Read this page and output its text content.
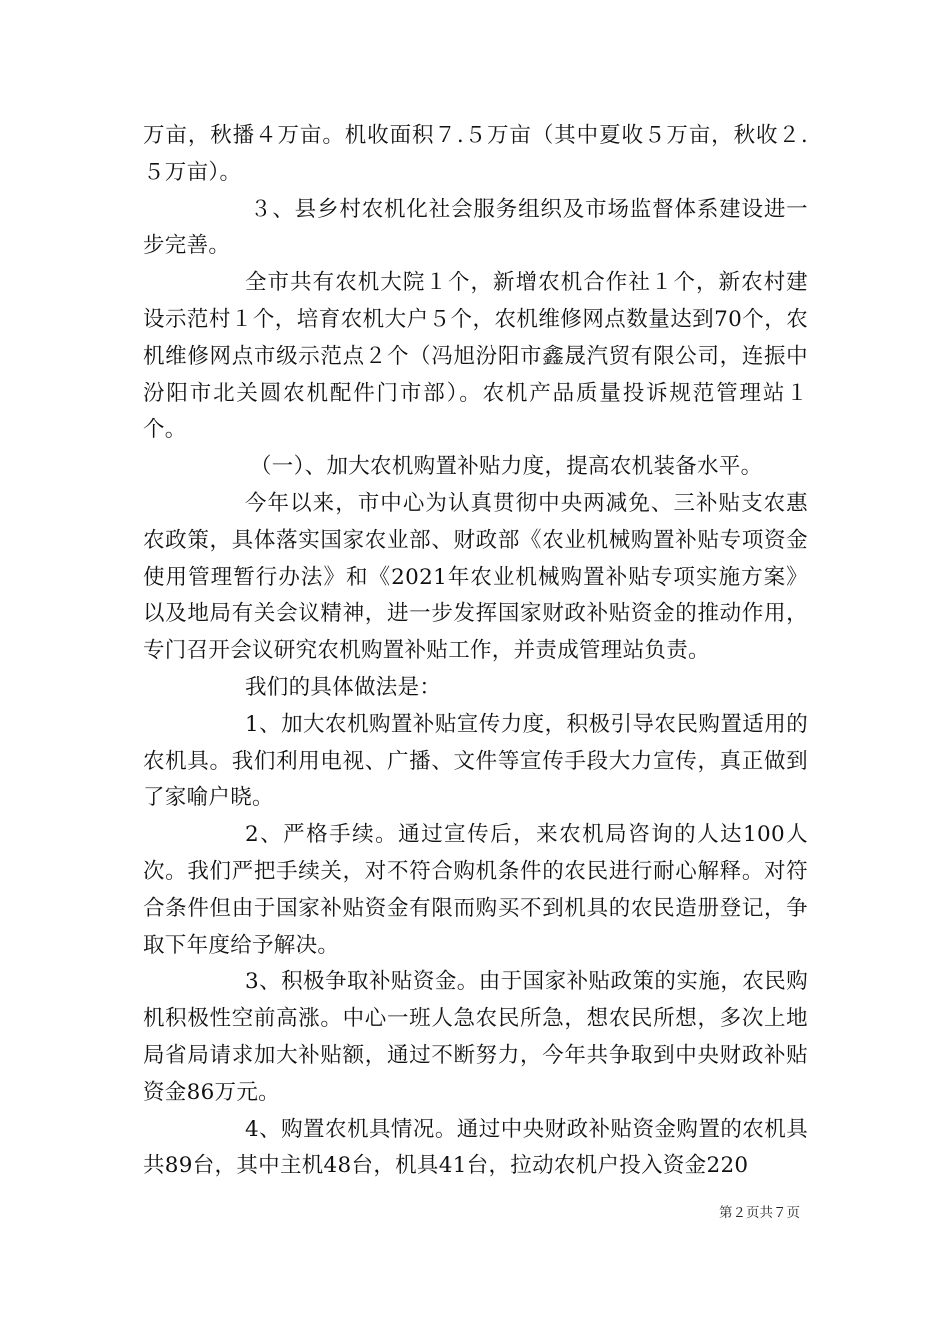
万亩，秋播４万亩。机收面积７.５万亩（其中夏收５万亩，秋收２.５万亩）。

３、县乡村农机化社会服务组织及市场监督体系建设进一步完善。

全市共有农机大院１个，新增农机合作社１个，新农村建设示范村１个，培育农机大户５个，农机维修网点数量达到70个，农机维修网点市级示范点２个（冯旭汾阳市鑫晟汽贸有限公司，连振中汾阳市北关圆农机配件门市部）。农机产品质量投诉规范管理站１个。

（一）、加大农机购置补贴力度，提高农机装备水平。

今年以来，市中心为认真贯彻中央两减免、三补贴支农惠农政策，具体落实国家农业部、财政部《农业机械购置补贴专项资金使用管理暂行办法》和《2021年农业机械购置补贴专项实施方案》以及地局有关会议精神，进一步发挥国家财政补贴资金的推动作用，专门召开会议研究农机购置补贴工作，并责成管理站负责。

我们的具体做法是：

1、加大农机购置补贴宣传力度，积极引导农民购置适用的农机具。我们利用电视、广播、文件等宣传手段大力宣传，真正做到了家喻户晓。

2、严格手续。通过宣传后，来农机局咨询的人达100人次。我们严把手续关，对不符合购机条件的农民进行耐心解释。对符合条件但由于国家补贴资金有限而购买不到机具的农民造册登记，争取下年度给予解决。

3、积极争取补贴资金。由于国家补贴政策的实施，农民购机积极性空前高涨。中心一班人急农民所急，想农民所想，多次上地局省局请求加大补贴额，通过不断努力，今年共争取到中央财政补贴资金86万元。

4、购置农机具情况。通过中央财政补贴资金购置的农机具共89台，其中主机48台，机具41台，拉动农机户投入资金220

第２页共７页
